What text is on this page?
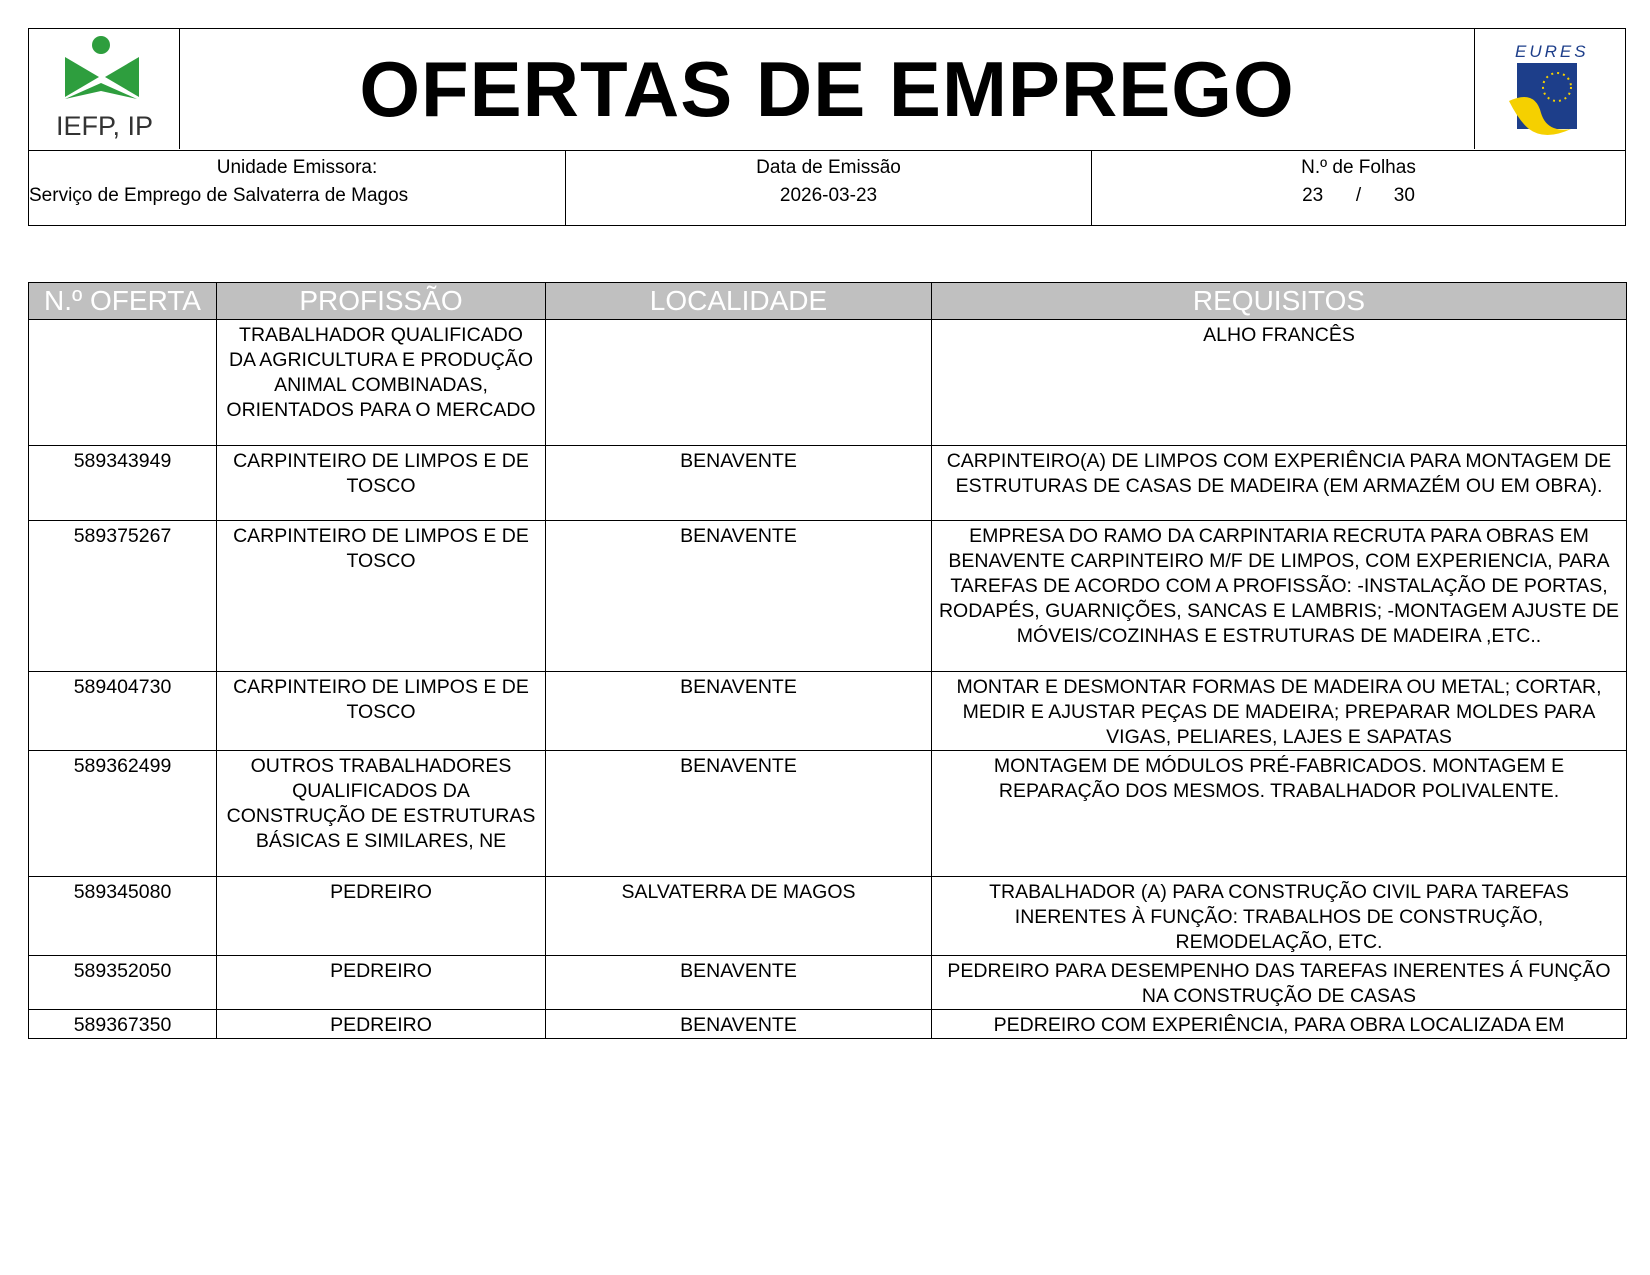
IEFP, IP	OFERTAS DE EMPREGO	EURES
Unidade Emissora:
Serviço de Emprego de Salvaterra de Magos
Data de Emissão
2026-03-23
N.º de Folhas
23 / 30
N.º OFERTA	PROFISSÃO	LOCALIDADE	REQUISITOS
	TRABALHADOR QUALIFICADO DA AGRICULTURA E PRODUÇÃO ANIMAL COMBINADAS, ORIENTADOS PARA O MERCADO		ALHO FRANCÊS
589343949	CARPINTEIRO DE LIMPOS E DE TOSCO	BENAVENTE	CARPINTEIRO(A) DE LIMPOS COM EXPERIÊNCIA PARA MONTAGEM DE ESTRUTURAS DE CASAS DE MADEIRA (EM ARMAZÉM OU EM OBRA).
589375267	CARPINTEIRO DE LIMPOS E DE TOSCO	BENAVENTE	EMPRESA DO RAMO DA CARPINTARIA RECRUTA PARA OBRAS EM BENAVENTE CARPINTEIRO M/F DE LIMPOS, COM EXPERIENCIA, PARA TAREFAS DE ACORDO COM A PROFISSÃO: -INSTALAÇÃO DE PORTAS, RODAPÉS, GUARNIÇÕES, SANCAS E LAMBRIS; -MONTAGEM AJUSTE DE MÓVEIS/COZINHAS E ESTRUTURAS DE MADEIRA ,ETC..
589404730	CARPINTEIRO DE LIMPOS E DE TOSCO	BENAVENTE	MONTAR E DESMONTAR FORMAS DE MADEIRA OU METAL; CORTAR, MEDIR E AJUSTAR PEÇAS DE MADEIRA; PREPARAR MOLDES PARA VIGAS, PELIARES, LAJES E SAPATAS
589362499	OUTROS TRABALHADORES QUALIFICADOS DA CONSTRUÇÃO DE ESTRUTURAS BÁSICAS E SIMILARES, NE	BENAVENTE	MONTAGEM DE MÓDULOS PRÉ-FABRICADOS. MONTAGEM E REPARAÇÃO DOS MESMOS. TRABALHADOR POLIVALENTE.
589345080	PEDREIRO	SALVATERRA DE MAGOS	TRABALHADOR (A) PARA CONSTRUÇÃO CIVIL PARA TAREFAS INERENTES À FUNÇÃO: TRABALHOS DE CONSTRUÇÃO, REMODELAÇÃO, ETC.
589352050	PEDREIRO	BENAVENTE	PEDREIRO PARA DESEMPENHO DAS TAREFAS INERENTES Á FUNÇÃO NA CONSTRUÇÃO DE CASAS
589367350	PEDREIRO	BENAVENTE	PEDREIRO COM EXPERIÊNCIA, PARA OBRA LOCALIZADA EM
